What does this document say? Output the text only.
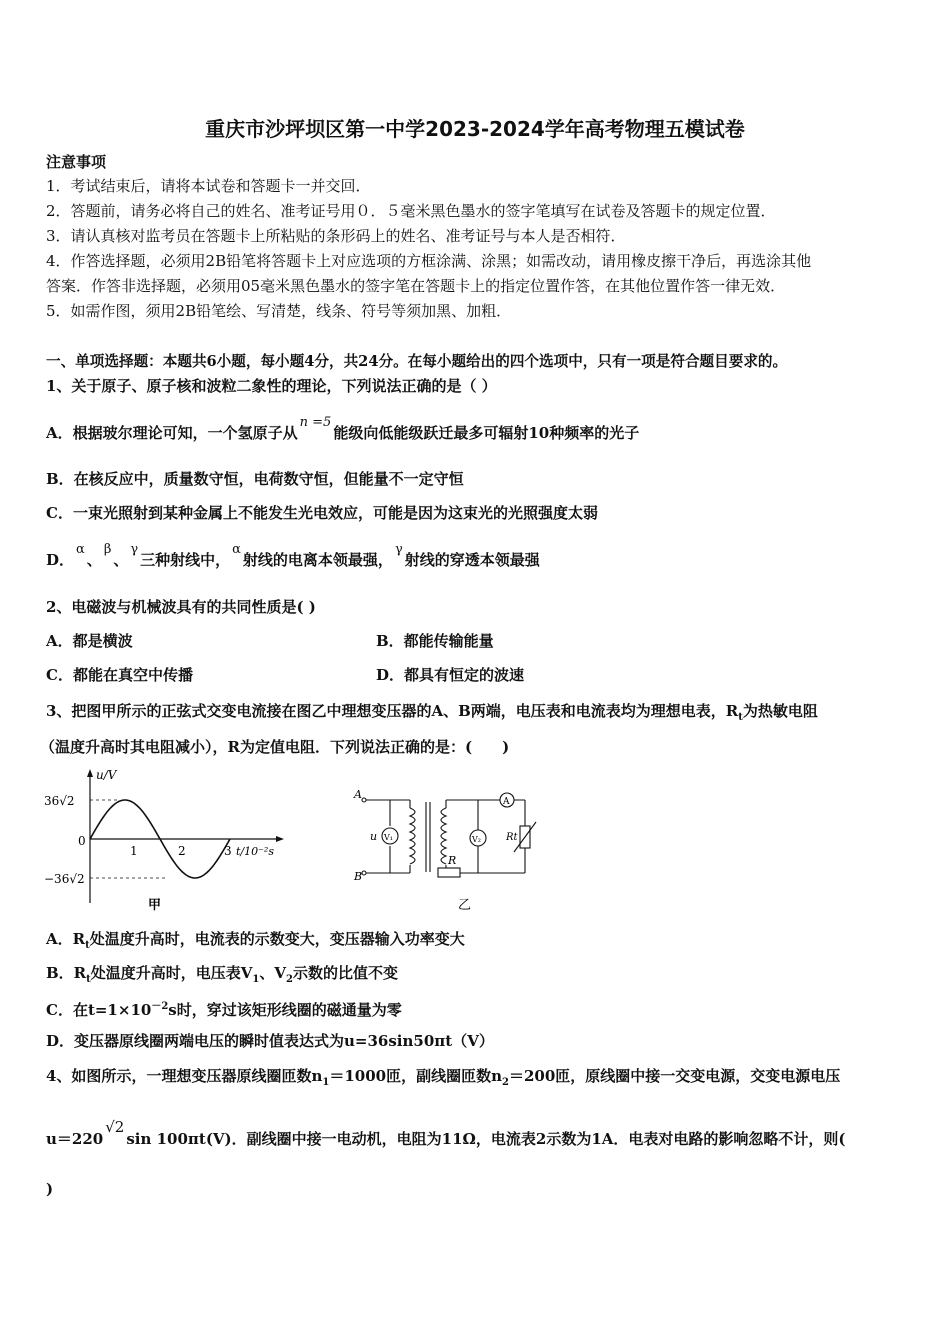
重庆市沙坪坝区第一中学2023-2024学年高考物理五模试卷
注意事项
1．考试结束后，请将本试卷和答题卡一并交回．
2．答题前，请务必将自己的姓名、准考证号用０．５毫米黑色墨水的签字笔填写在试卷及答题卡的规定位置．
3．请认真核对监考员在答题卡上所粘贴的条形码上的姓名、准考证号与本人是否相符．
4．作答选择题，必须用2B铅笔将答题卡上对应选项的方框涂满、涂黑；如需改动，请用橡皮擦干净后，再选涂其他
答案．作答非选择题，必须用05毫米黑色墨水的签字笔在答题卡上的指定位置作答，在其他位置作答一律无效．
5．如需作图，须用2B铅笔绘、写清楚，线条、符号等须加黑、加粗．
一、单项选择题：本题共6小题，每小题4分，共24分。在每小题给出的四个选项中，只有一项是符合题目要求的。
1、关于原子、原子核和波粒二象性的理论，下列说法正确的是（ ）
A．根据玻尔理论可知，一个氢原子从n =5能级向低能级跃迁最多可辐射10种频率的光子
B．在核反应中，质量数守恒，电荷数守恒，但能量不一定守恒
C．一束光照射到某种金属上不能发生光电效应，可能是因为这束光的光照强度太弱
D．α、β、γ三种射线中，α射线的电离本领最强，γ射线的穿透本领最强
2、电磁波与机械波具有的共同性质是( )
A．都是横波	B．都能传输能量
C．都能在真空中传播	D．都具有恒定的波速
3、把图甲所示的正弦式交变电流接在图乙中理想变压器的A、B两端，电压表和电流表均为理想电表，$R_t$为热敏电阻
（温度升高时其电阻减小），R为定值电阻．下列说法正确的是：(　　)
u/V
36√2
0
−36√2
1	2	3 t/10⁻²s
甲
A
B
u V₁	V₂
A
Rt
R
乙
A．$R_t$处温度升高时，电流表的示数变大，变压器输入功率变大
B．$R_t$处温度升高时，电压表$V_1$、$V_2$示数的比值不变
C．在$t=1\times 10^{-2}s$时，穿过该矩形线圈的磁通量为零
D．变压器原线圈两端电压的瞬时值表达式为u=36sin50πt（V）
4、如图所示，一理想变压器原线圈匝数$n_1=1000$匝，副线圈匝数$n_2=200$匝，原线圈中接一交变电源，交变电源电压
u＝220√2sin 100πt(V)．副线圈中接一电动机，电阻为11Ω，电流表2示数为1A．电表对电路的影响忽略不计，则(
)
